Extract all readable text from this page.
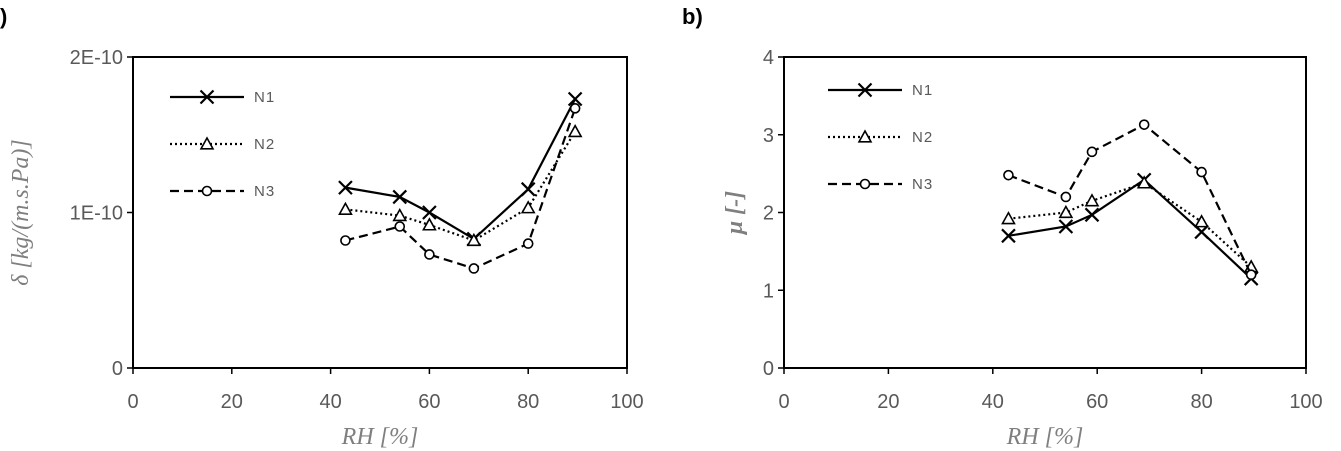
)	b)
0
1E-10
2E-10
0	20	40	60	80	100
RH [%]
δ [kg/(m.s.Pa)]
N1
N2
N3
0
1
2
3
4
0	20	40	60	80	100
RH [%]
μ [-]
N1
N2
N3
